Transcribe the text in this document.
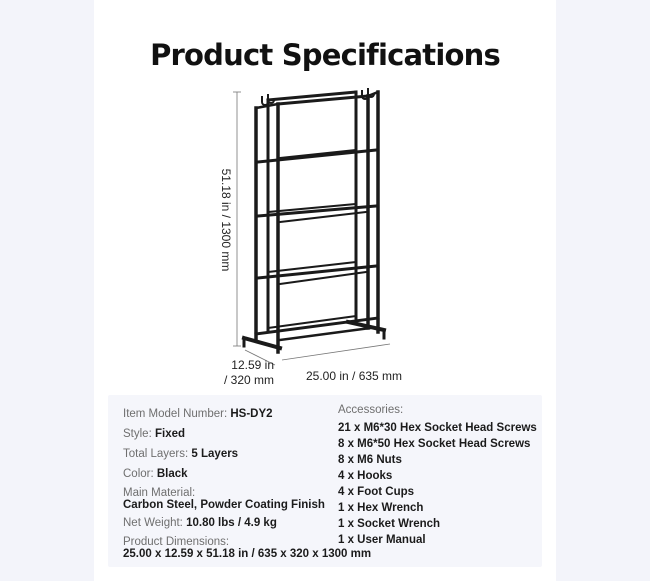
Product Specifications
51.18 in / 1300 mm
12.59 in
/ 320 mm	25.00 in / 635 mm
Item Model Number: HS-DY2
Style: Fixed
Total Layers: 5 Layers
Color: Black
Main Material:
Carbon Steel, Powder Coating Finish
Net Weight: 10.80 lbs / 4.9 kg
Product Dimensions:
25.00 x 12.59 x 51.18 in / 635 x 320 x 1300 mm
Accessories:
21 x M6*30 Hex Socket Head Screws
8 x M6*50 Hex Socket Head Screws
8 x M6 Nuts
4 x Hooks
4 x Foot Cups
1 x Hex Wrench
1 x Socket Wrench
1 x User Manual
